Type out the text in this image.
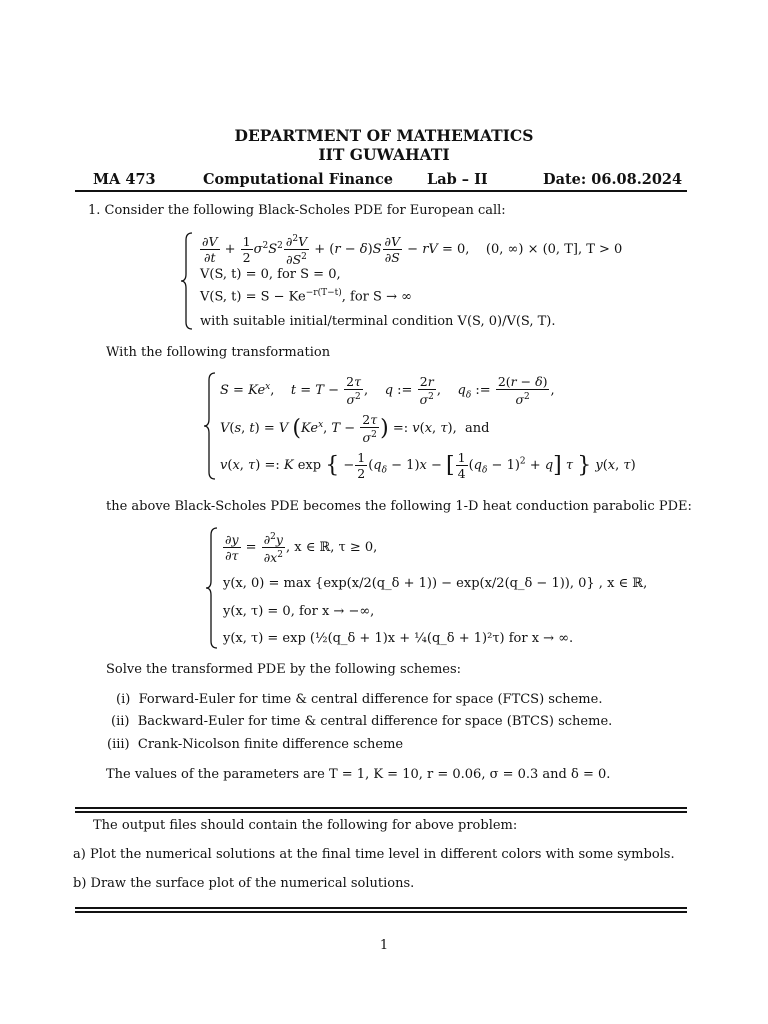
DEPARTMENT OF MATHEMATICS
IIT GUWAHATI
MA 473	Computational Finance Lab – II	Date: 06.08.2024
1. Consider the following Black-Scholes PDE for European call:
$\frac{\partial V}{\partial t} + \frac{1}{2} \sigma^2S^2 \frac{\partial^2V}{\partial S^2} + (r - \delta)S \frac{\partial V}{\partial S}$ − rV = 0,    (0, ∞) × (0, T], T > 0
V(S, t) = 0, for S = 0,
V(S, $t) = S - Ke^{-r(T-t)}$, for S → ∞
with suitable initial/terminal condition V(S, 0)/V(S, T).
With the following transformation
$S = Ke^x$,    $t = T - \frac{2\tau}{\sigma^2}$ ,    q := $\frac{2r}{\sigma^2}$ ,    $q_\delta$ := $\frac{2(r - \delta)}{\sigma^2}$ ,
V(s, t) = V (Ke$^x$, $T - \frac{2\tau}{\sigma^2}$ ) =: v(x, τ),  and
v(x, τ) =: K exp { − $\frac{1}{2} (q_\delta - 1)x$ − [ $\frac{1}{4} (q_\delta - 1)^2 + q$] τ } y(x, τ)
the above Black-Scholes PDE becomes the following 1-D heat conduction parabolic PDE:
$\frac{\partial y}{\partial\tau} = \frac{\partial^2y}{\partial x^2}$ , x ∈ ℝ, τ ≥ 0,
y(x, 0) = max {exp(x/2(q_δ + 1)) − exp(x/2(q_δ − 1)), 0} , x ∈ ℝ,
y(x, τ) = 0, for x → −∞,
y(x, τ) = exp (½(q_δ + 1)x + ¼(q_δ + 1)²τ) for x → ∞.
Solve the transformed PDE by the following schemes:
(i) Forward-Euler for time & central difference for space (FTCS) scheme.
(ii) Backward-Euler for time & central difference for space (BTCS) scheme.
(iii) Crank-Nicolson finite difference scheme
The values of the parameters are T = 1, K = 10, r = 0.06, σ = 0.3 and δ = 0.
The output files should contain the following for above problem:
a) Plot the numerical solutions at the final time level in different colors with some symbols.
b) Draw the surface plot of the numerical solutions.
1
